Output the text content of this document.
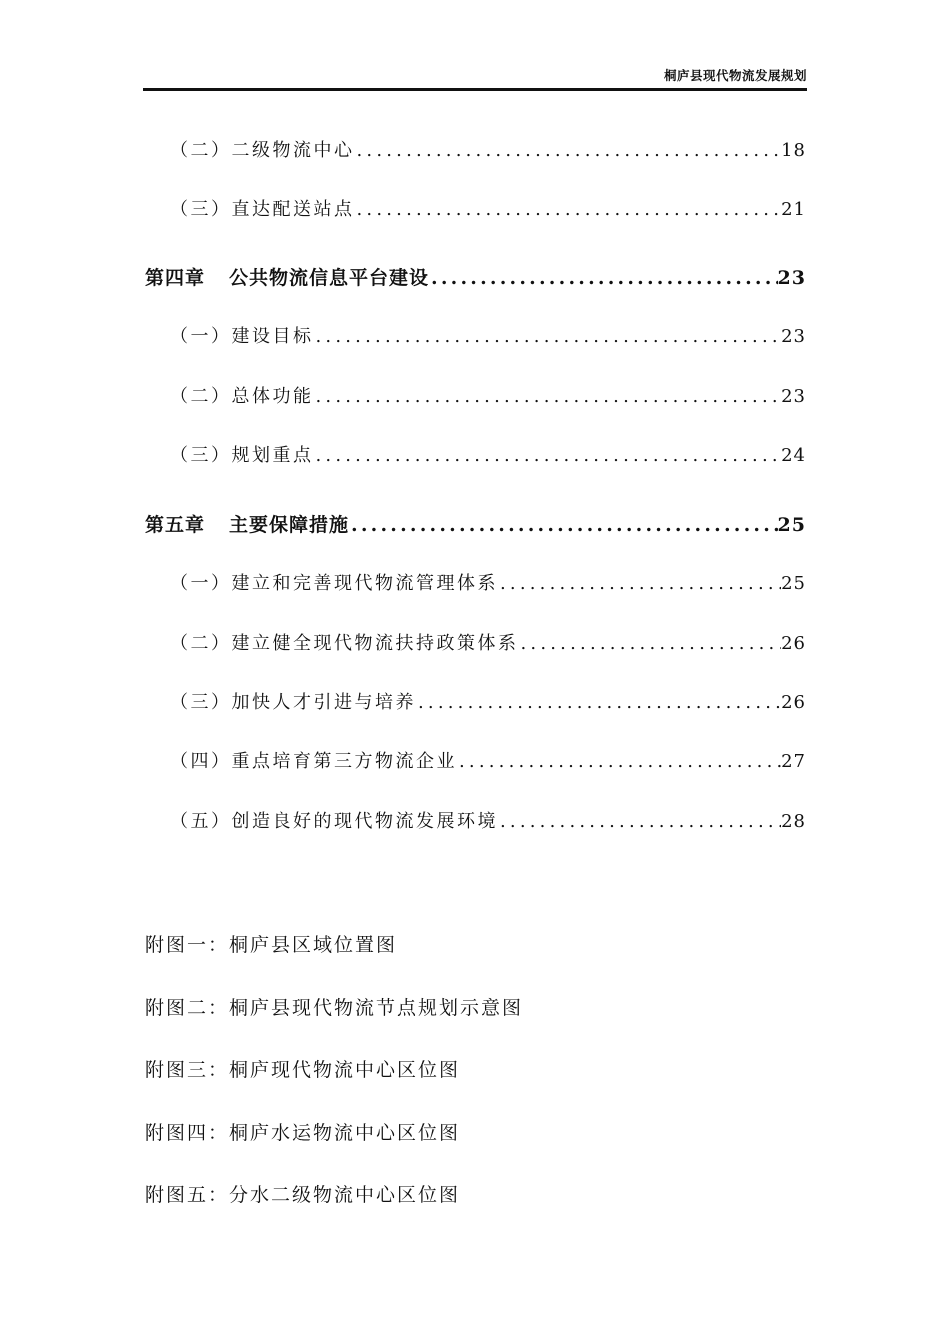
桐庐县现代物流发展规划
（二）二级物流中心 .....	18
（三）直达配送站点 .....	21
第四章 公共物流信息平台建设 .....	23
（一）建设目标 .....	23
（二）总体功能 .....	23
（三）规划重点 .....	24
第五章 主要保障措施 .....	25
（一）建立和完善现代物流管理体系 .....	25
（二）建立健全现代物流扶持政策体系 .....	26
（三）加快人才引进与培养 .....	26
（四）重点培育第三方物流企业 .....	27
（五）创造良好的现代物流发展环境 .....	28
附图一：桐庐县区域位置图
附图二：桐庐县现代物流节点规划示意图
附图三：桐庐现代物流中心区位图
附图四：桐庐水运物流中心区位图
附图五：分水二级物流中心区位图
